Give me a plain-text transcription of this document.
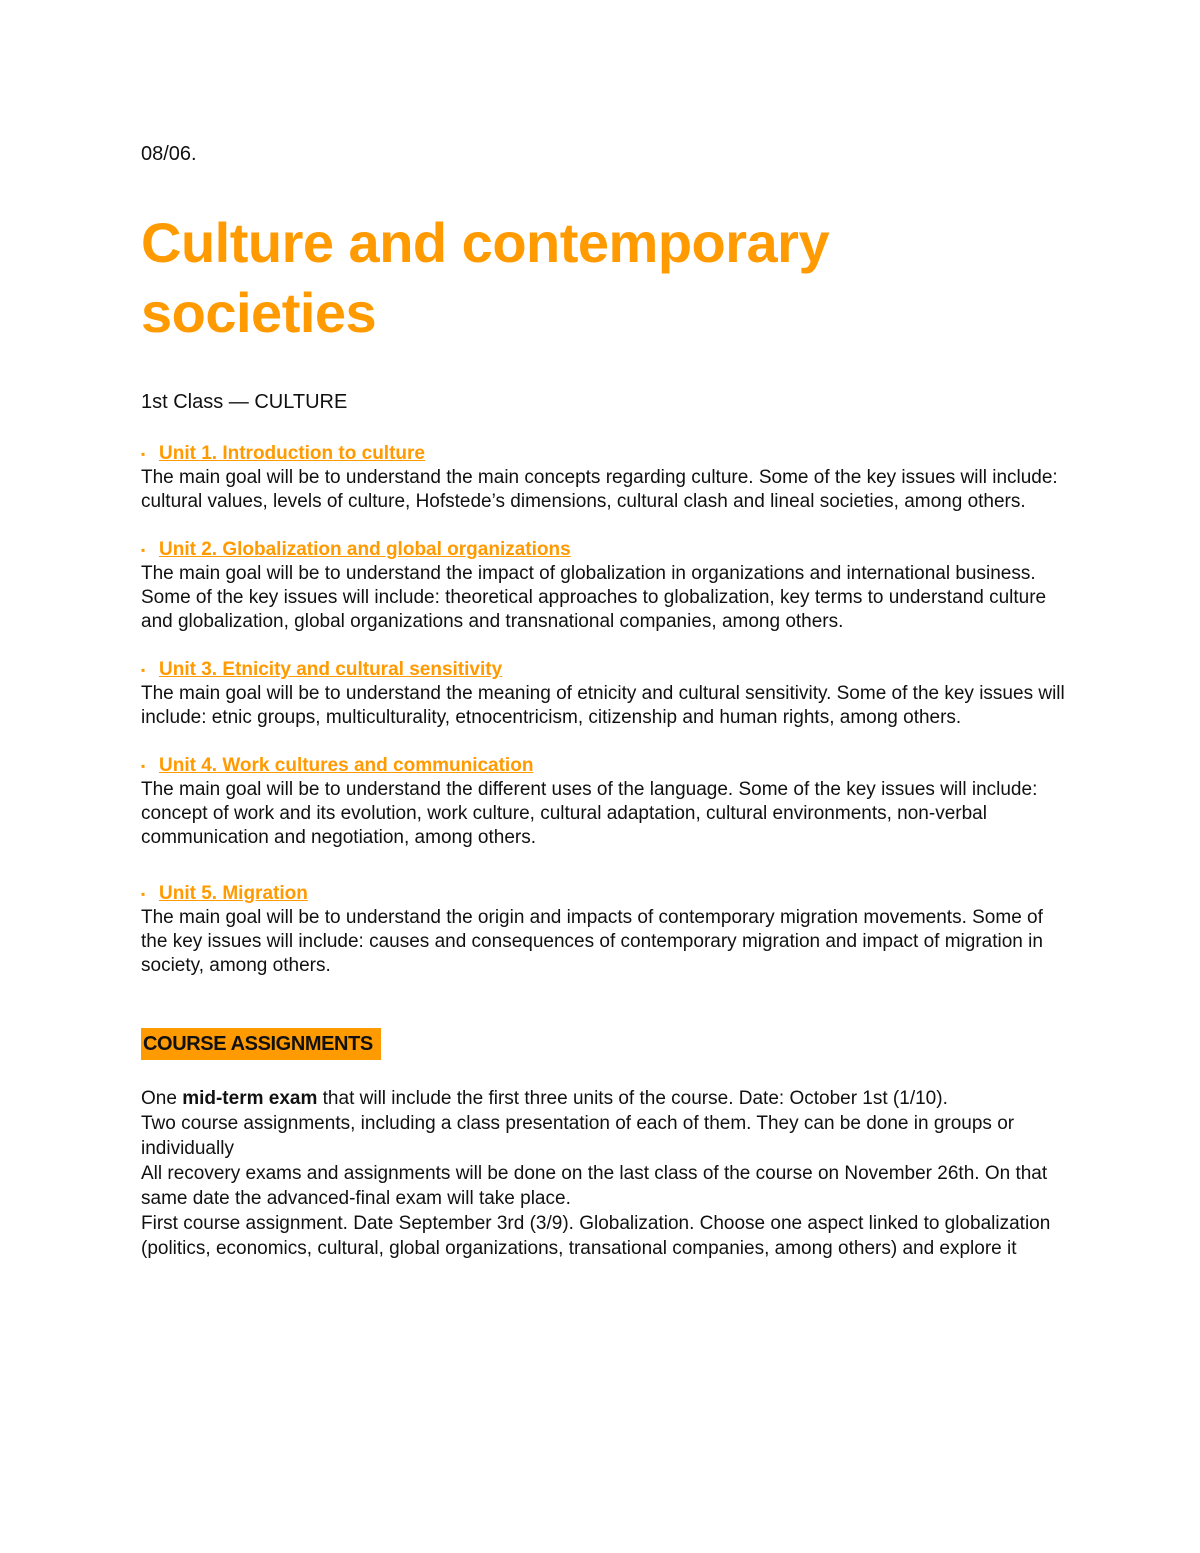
08/06.

Culture and contemporary societies

1st Class — CULTURE

▪ Unit 1. Introduction to culture

The main goal will be to understand the main concepts regarding culture. Some of the key issues will include: cultural values, levels of culture, Hofstede’s dimensions, cultural clash and lineal societies, among others.

▪ Unit 2. Globalization and global organizations

The main goal will be to understand the impact of globalization in organizations and international business. Some of the key issues will include: theoretical approaches to globalization, key terms to understand culture and globalization, global organizations and transnational companies, among others.

▪ Unit 3. Etnicity and cultural sensitivity

The main goal will be to understand the meaning of etnicity and cultural sensitivity. Some of the key issues will include: etnic groups, multiculturality, etnocentricism, citizenship and human rights, among others.

▪ Unit 4. Work cultures and communication

The main goal will be to understand the different uses of the language. Some of the key issues will include: concept of work and its evolution, work culture, cultural adaptation, cultural environments, non-verbal communication and negotiation, among others.

▪ Unit 5. Migration

The main goal will be to understand the origin and impacts of contemporary migration movements. Some of the key issues will include: causes and consequences of contemporary migration and impact of migration in society, among others.

COURSE ASSIGNMENTS

One mid-term exam that will include the first three units of the course. Date: October 1st (1/10).

Two course assignments, including a class presentation of each of them. They can be done in groups or individually

All recovery exams and assignments will be done on the last class of the course on November 26th. On that same date the advanced-final exam will take place.

First course assignment. Date September 3rd (3/9). Globalization. Choose one aspect linked to globalization (politics, economics, cultural, global organizations, transational companies, among others) and explore it
